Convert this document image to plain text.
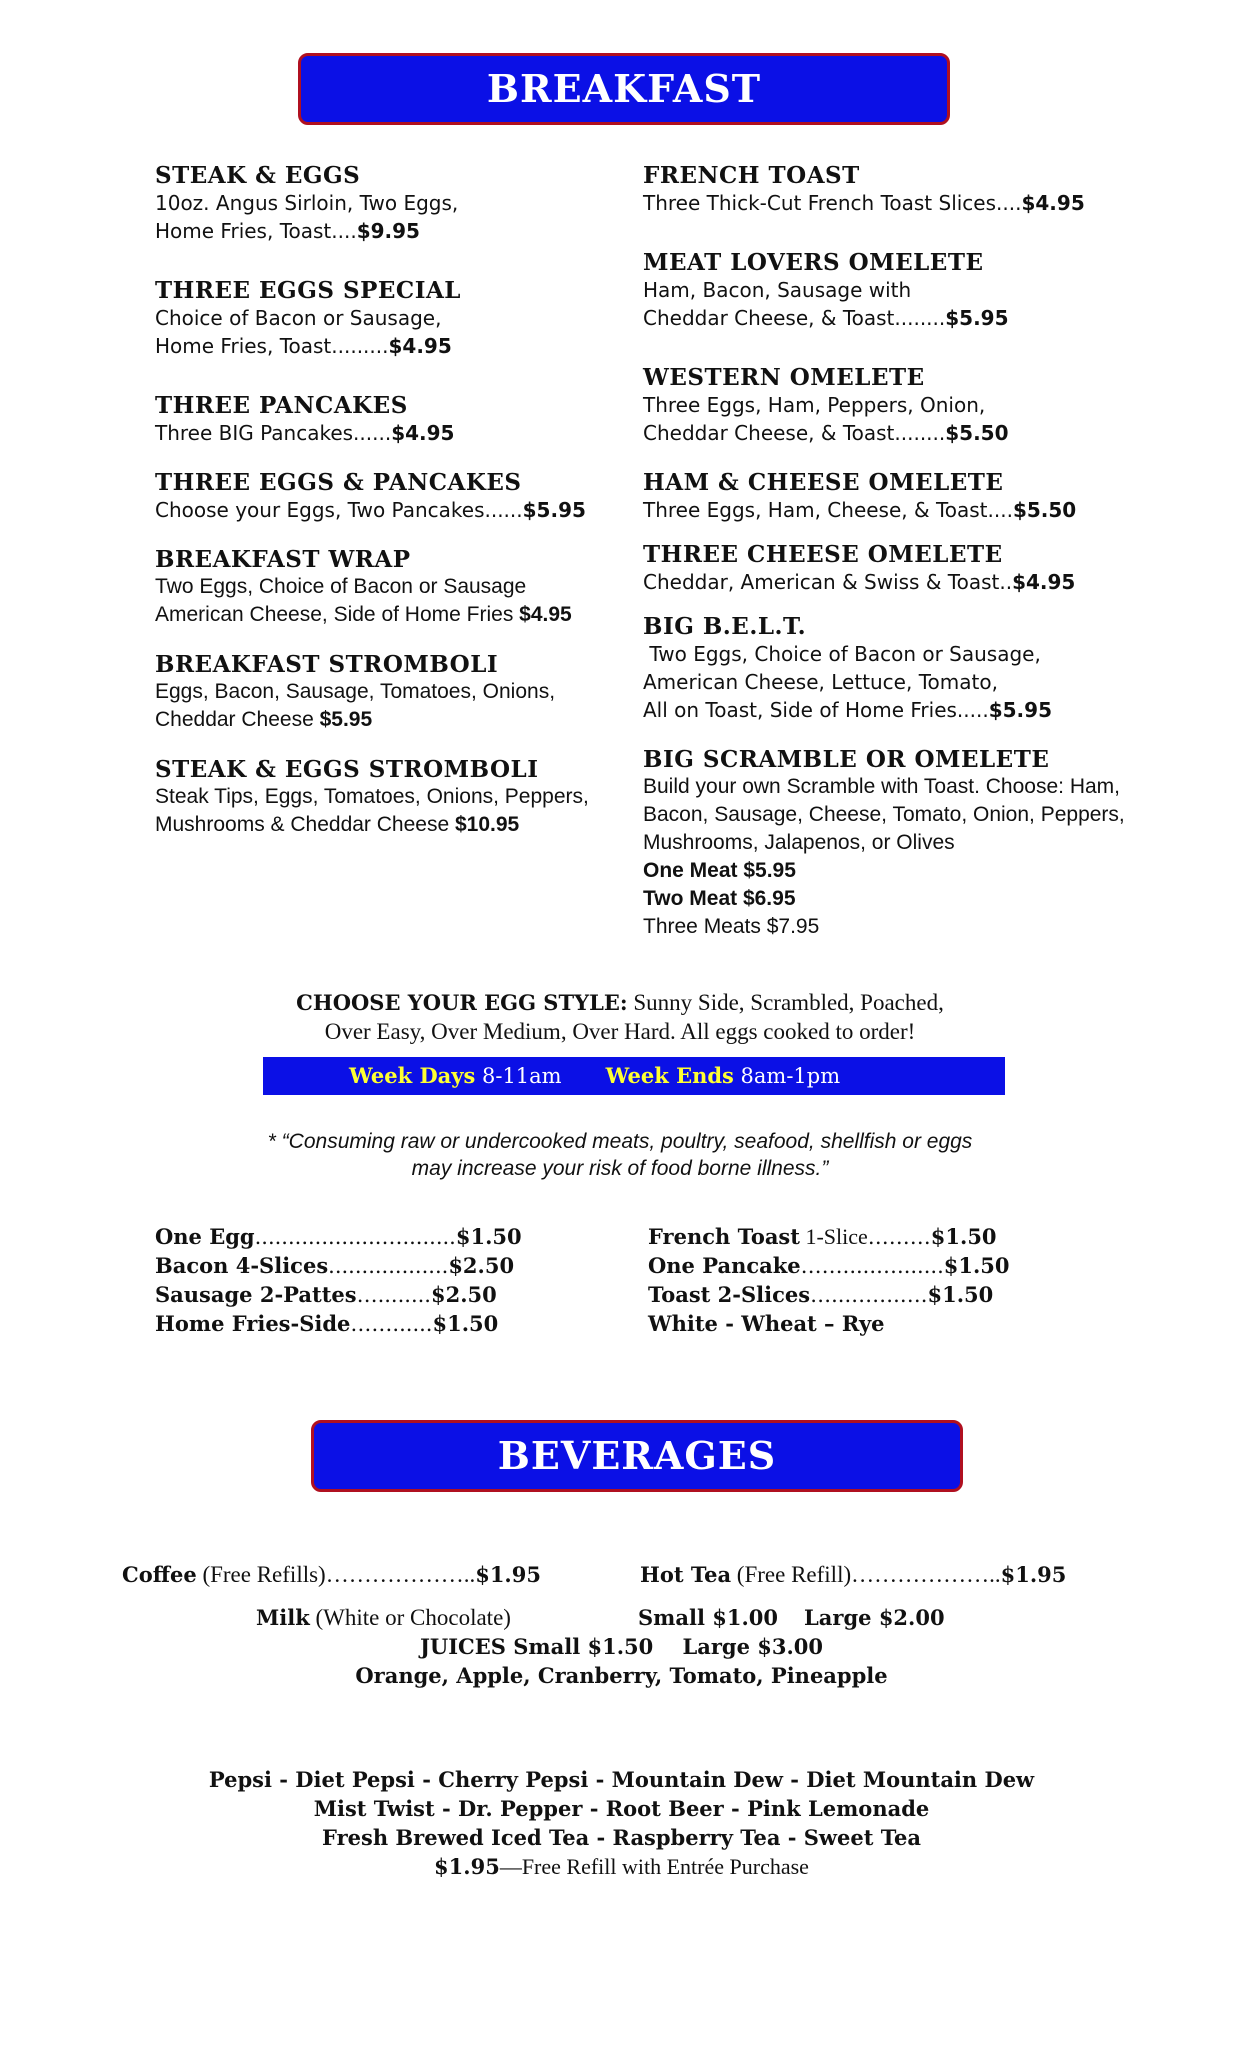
BREAKFAST
STEAK & EGGS
10oz. Angus Sirloin, Two Eggs,
Home Fries, Toast....$9.95
THREE EGGS SPECIAL
Choice of Bacon or Sausage,
Home Fries, Toast.........$4.95
THREE PANCAKES
Three BIG Pancakes......$4.95
THREE EGGS & PANCAKES
Choose your Eggs, Two Pancakes......$5.95
BREAKFAST WRAP
Two Eggs, Choice of Bacon or Sausage
American Cheese, Side of Home Fries $4.95
BREAKFAST STROMBOLI
Eggs, Bacon, Sausage, Tomatoes, Onions,
Cheddar Cheese $5.95
STEAK & EGGS STROMBOLI
Steak Tips, Eggs, Tomatoes, Onions, Peppers,
Mushrooms & Cheddar Cheese $10.95
FRENCH TOAST
Three Thick-Cut French Toast Slices....$4.95
MEAT LOVERS OMELETE
Ham, Bacon, Sausage with
Cheddar Cheese, & Toast........$5.95
WESTERN OMELETE
Three Eggs, Ham, Peppers, Onion,
Cheddar Cheese, & Toast........$5.50
HAM & CHEESE OMELETE
Three Eggs, Ham, Cheese, & Toast....$5.50
THREE CHEESE OMELETE
Cheddar, American & Swiss & Toast..$4.95
BIG B.E.L.T.
Two Eggs, Choice of Bacon or Sausage,
American Cheese, Lettuce, Tomato,
All on Toast, Side of Home Fries.....$5.95
BIG SCRAMBLE OR OMELETE
Build your own Scramble with Toast. Choose: Ham,
Bacon, Sausage, Cheese, Tomato, Onion, Peppers,
Mushrooms, Jalapenos, or Olives
One Meat $5.95
Two Meat $6.95
Three Meats $7.95
CHOOSE YOUR EGG STYLE: Sunny Side, Scrambled, Poached,
Over Easy, Over Medium, Over Hard. All eggs cooked to order!
Week Days 8-11am Week Ends 8am-1pm
* “Consuming raw or undercooked meats, poultry, seafood, shellfish or eggs
may increase your risk of food borne illness.”
One Egg...................…........$1.50
Bacon 4-Slices..................$2.50
Sausage 2-Pattes…........$2.50
Home Fries-Side……......$1.50
French Toast 1-Slice………$1.50
One Pancake…….....….......$1.50
Toast 2-Slices…...…….….$1.50
White - Wheat – Rye
BEVERAGES
Coffee (Free Refills)………………..$1.95	Hot Tea (Free Refill)………………..$1.95
Milk (White or Chocolate)	Small $1.00 Large $2.00
JUICES Small $1.50    Large $3.00
Orange, Apple, Cranberry, Tomato, Pineapple
Pepsi - Diet Pepsi - Cherry Pepsi - Mountain Dew - Diet Mountain Dew
Mist Twist - Dr. Pepper - Root Beer - Pink Lemonade
Fresh Brewed Iced Tea - Raspberry Tea - Sweet Tea
$1.95—Free Refill with Entrée Purchase
